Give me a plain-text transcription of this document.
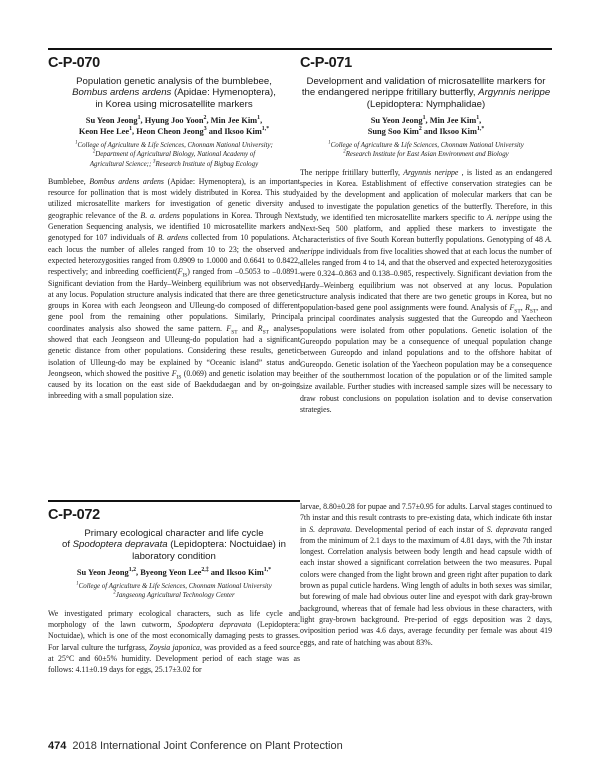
C-P-070
Population genetic analysis of the bumblebee,
Bombus ardens ardens (Apidae: Hymenoptera),
in Korea using microsatellite markers
Su Yeon Jeong$^1$, Hyung Joo Yoon$^2$, Min Jee Kim$^1$,
Keon Hee Lee$^1$, Heon Cheon Jeong$^3$ and Iksoo Kim$^{1,*}$
$^1$College of Agriculture & Life Sciences, Chonnam National University;
$^2$Department of Agricultural Biology, National Academy of
Agricultural Science;; $^3$Research Institute of Bigbug Ecology

Bumblebee, Bombus ardens ardens (Apidae: Hymenoptera), is an important resource for pollination that is most widely distributed in Korea. This study utilized microsatellite markers for investigation of genetic diversity and geographic relevance of the B. a. ardens populations in Korea. Through Next Generation Sequencing analysis, we identified 10 microsatellite markers and genotyped for 107 individuals of B. ardens collected from 10 populations. At each locus the number of alleles ranged from 10 to 23; the observed and expected heterozygosities ranged from 0.8909 to 1.0000 and 0.6641 to 0.8422, respectively; and inbreeding $coefficient(F_{IS})$ ranged from –0.5053 to –0.0891. Significant deviation from the Hardy–Weinberg equilibrium was not observed at any locus. Population structure analysis indicated that there are three genetic groups in Korea with each Jeongseon and Ulleung-do composed of different gene pool from the remaining other populations. Similarly, Principal coordinates analysis also showed the same pattern. $F_{ST}$ and $R_{ST}$ analyses showed that each Jeongseon and Ulleung-do population had a significant genetic distance from other populations. Considering these results, genetic isolation of Ulleung-do may be explained by “Oceanic island” status and Jeongseon, which showed the positive $F_{IS}$ (0.069) and genetic isolation may be caused by its location on the east side of Baekdudaegan and by on-going inbreeding with a small population size.

C-P-071
Development and validation of microsatellite markers for
the endangered nerippe fritillary butterfly, Argynnis nerippe
(Lepidoptera: Nymphalidae)
Su Yeon Jeong$^1$, Min Jee Kim$^1$,
Sung Soo Kim$^2$ and Iksoo Kim$^{1,*}$
$^1$College of Agriculture & Life Sciences, Chonnam National University
$^2$Research Institute for East Asian Environment and Biology

The nerippe fritillary butterfly, Argynnis nerippe , is listed as an endangered species in Korea. Establishment of effective conservation strategies can be aided by the development and application of molecular markers that can be used to investigate the population genetics of the butterfly. Therefore, in this study, we identified ten microsatellite markers specific to A. nerippe using the Next-Seq 500 platform, and applied these markers to investigate the characteristics of five South Korean butterfly populations. Genotyping of 48 A. nerippe individuals from five localities showed that at each locus the number of alleles ranged from 4 to 14, and that the observed and expected heterozygosities were 0.324–0.863 and 0.138–0.985, respectively. Significant deviation from the Hardy–Weinberg equilibrium was not observed at any locus. Population structure analysis indicated that there are two genetic groups in Korea, but no population-based gene pool assignments were found. Analysis of $F_{ST}$, $R_{ST}$, and a principal coordinates analysis suggested that the Gureopdo and Yaecheon populations were isolated from other populations. Genetic isolation of the Gureopdo population may be a consequence of unequal population change between Gureopdo and inland populations and to the offshore habitat of Gureopdo. Genetic isolation of the Yaecheon population may be a consequence either of the southernmost location of the population or of the limited sample size available. Further studies with increased sample sizes will be necessary to draw robust conclusions on population isolation and to devise conservation strategies.

C-P-072
Primary ecological character and life cycle
of Spodoptera depravata (Lepidoptera: Noctuidae) in
laboratory condition
Su Yeon Jeong$^{1,2}$, Byeong Yeon Lee$^{2,\ddagger}$ and Iksoo Kim$^{1,*}$
$^1$College of Agriculture & Life Sciences, Chonnam National University
$^2$Jangseong Agricultural Technology Center

We investigated primary ecological characters, such as life cycle and morphology of the lawn cutworm, Spodoptera depravata (Lepidoptera: Noctuidae), which is one of the most economically damaging pests to grasses. For larval culture the turfgrass, Zoysia japonica, was provided as a feed source at 25°C and 60±5% humidity. Development period of each stage was as follows: 4.11±0.19 days for eggs, 25.17±3.02 for

larvae, 8.80±0.28 for pupae and 7.57±0.95 for adults. Larval stages continued to 7th instar and this result contrasts to pre-existing data, which indicate 6th instar in S. depravata. Developmental period of each instar of S. depravata ranged from the minimum of 2.1 days to the maximum of 4.81 days, with the 7th instar longest. Correlation analysis between body length and head capsule width of each instar showed a significant correlation between the two measures. Pupal colors were changed from the light brown and green right after pupation to dark brown as pupal cuticle hardens. Wing length of adults in both sexes was similar, but forewing of male had obvious outer line and eyespot with dark gray-brown background, whereas that of female had less obvious in these characters, with light gray-brown background. Pre-period of eggs deposition was 2 days, oviposition period was 4.6 days, average fecundity per female was about 419 eggs, and rate of hatching was about 83%.

474 2018 International Joint Conference on Plant Protection
